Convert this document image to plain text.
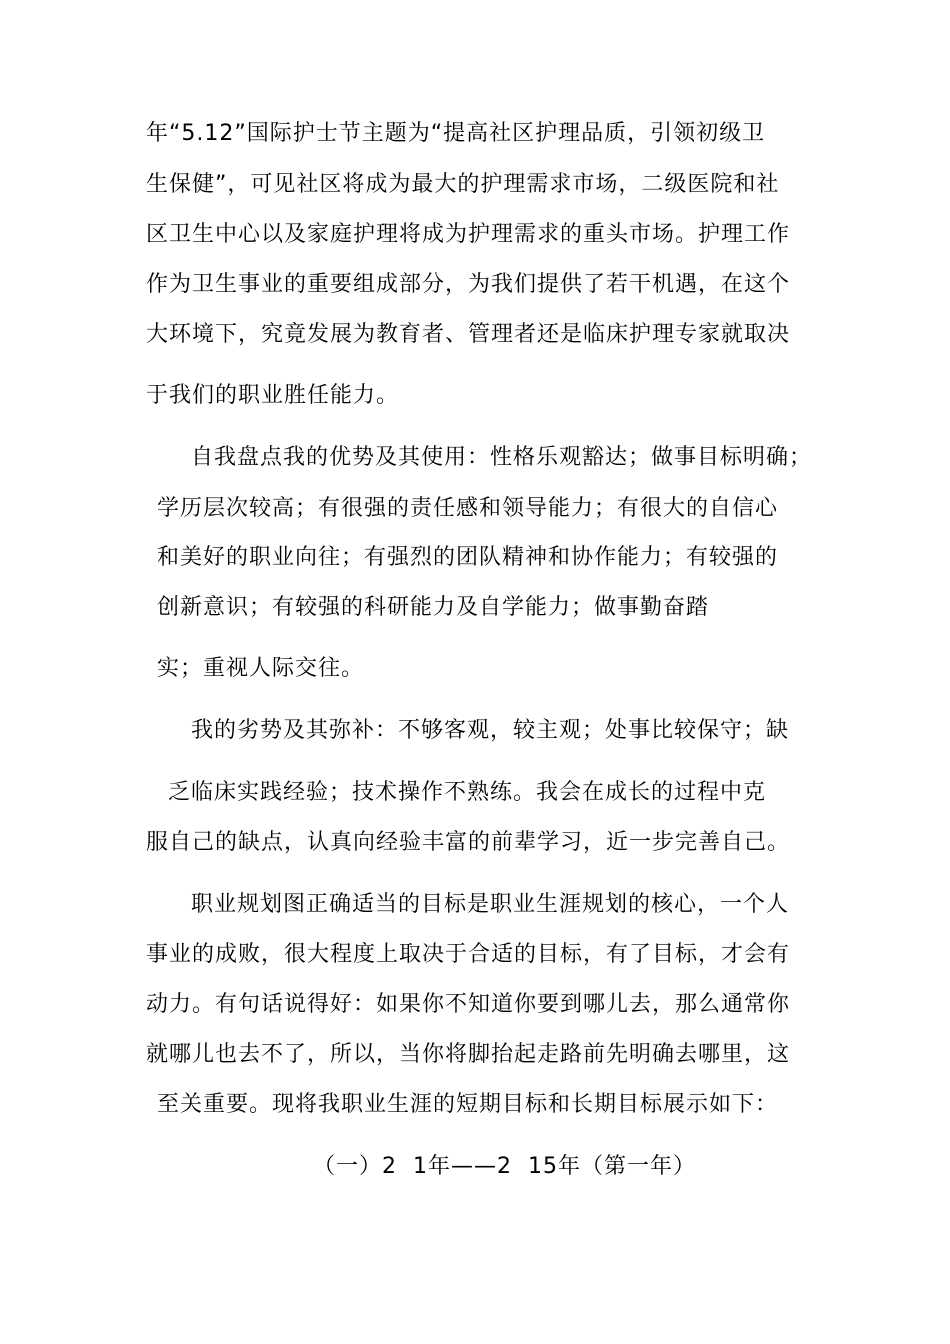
年“5.12”国际护士节主题为“提高社区护理品质，引领初级卫

生保健”，可见社区将成为最大的护理需求市场，二级医院和社

区卫生中心以及家庭护理将成为护理需求的重头市场。护理工作

作为卫生事业的重要组成部分，为我们提供了若干机遇，在这个

大环境下，究竟发展为教育者、管理者还是临床护理专家就取决

于我们的职业胜任能力。

自我盘点我的优势及其使用：性格乐观豁达；做事目标明确；

学历层次较高；有很强的责任感和领导能力；有很大的自信心

和美好的职业向往；有强烈的团队精神和协作能力；有较强的

创新意识；有较强的科研能力及自学能力；做事勤奋踏

实；重视人际交往。

我的劣势及其弥补：不够客观，较主观；处事比较保守；缺

乏临床实践经验；技术操作不熟练。我会在成长的过程中克

服自己的缺点，认真向经验丰富的前辈学习，近一步完善自己。

职业规划图正确适当的目标是职业生涯规划的核心，一个人

事业的成败，很大程度上取决于合适的目标，有了目标，才会有

动力。有句话说得好：如果你不知道你要到哪儿去，那么通常你

就哪儿也去不了，所以，当你将脚抬起走路前先明确去哪里，这

至关重要。现将我职业生涯的短期目标和长期目标展示如下：

（一）2  1年——2  15年（第一年）
